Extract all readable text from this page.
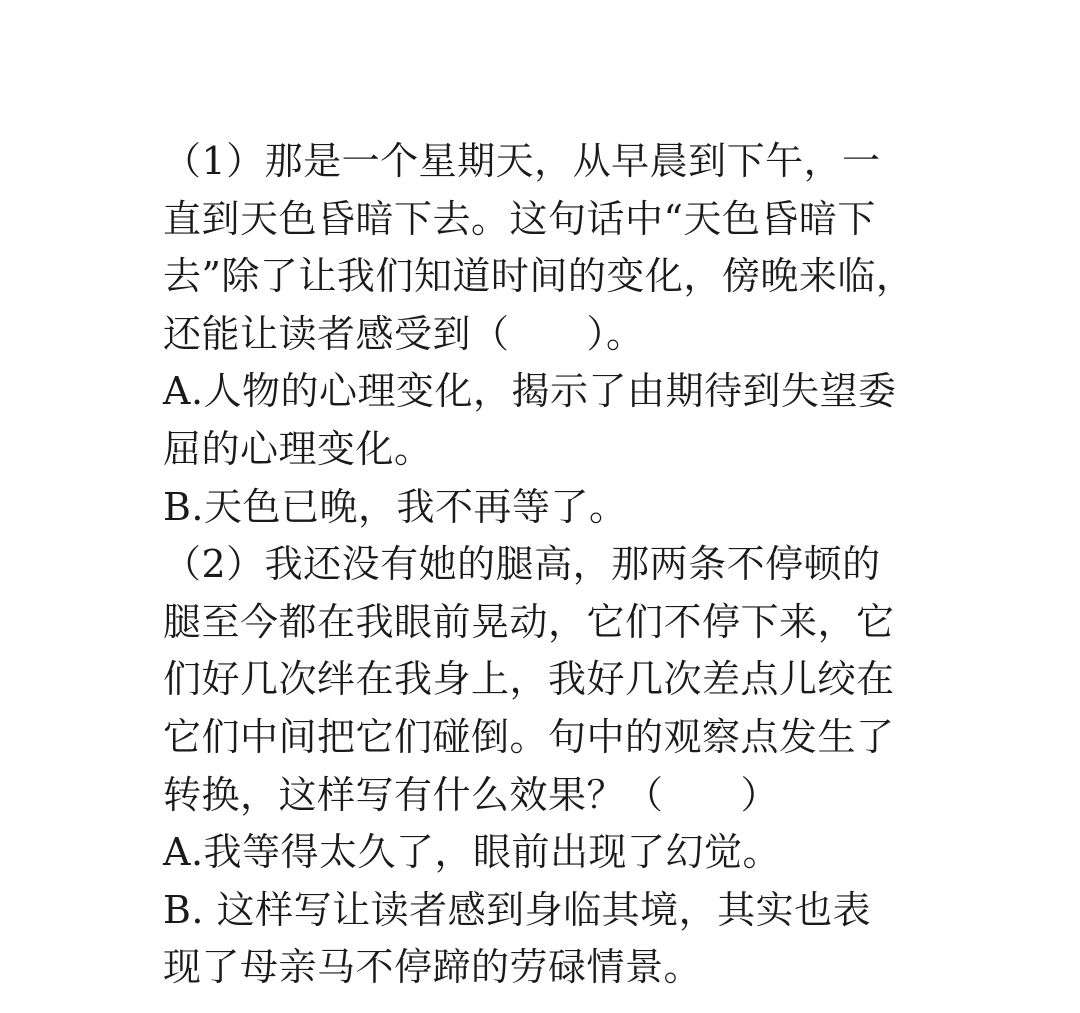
（1）那是一个星期天，从早晨到下午，一
直到天色昏暗下去。这句话中“天色昏暗下
去”除了让我们知道时间的变化，傍晚来临，
还能让读者感受到（　　）。
A.人物的心理变化，揭示了由期待到失望委
屈的心理变化。
B.天色已晚，我不再等了。
（2）我还没有她的腿高，那两条不停顿的
腿至今都在我眼前晃动，它们不停下来，它
们好几次绊在我身上，我好几次差点儿绞在
它们中间把它们碰倒。句中的观察点发生了
转换，这样写有什么效果？（　　）
A.我等得太久了，眼前出现了幻觉。
B. 这样写让读者感到身临其境，其实也表
现了母亲马不停蹄的劳碌情景。
